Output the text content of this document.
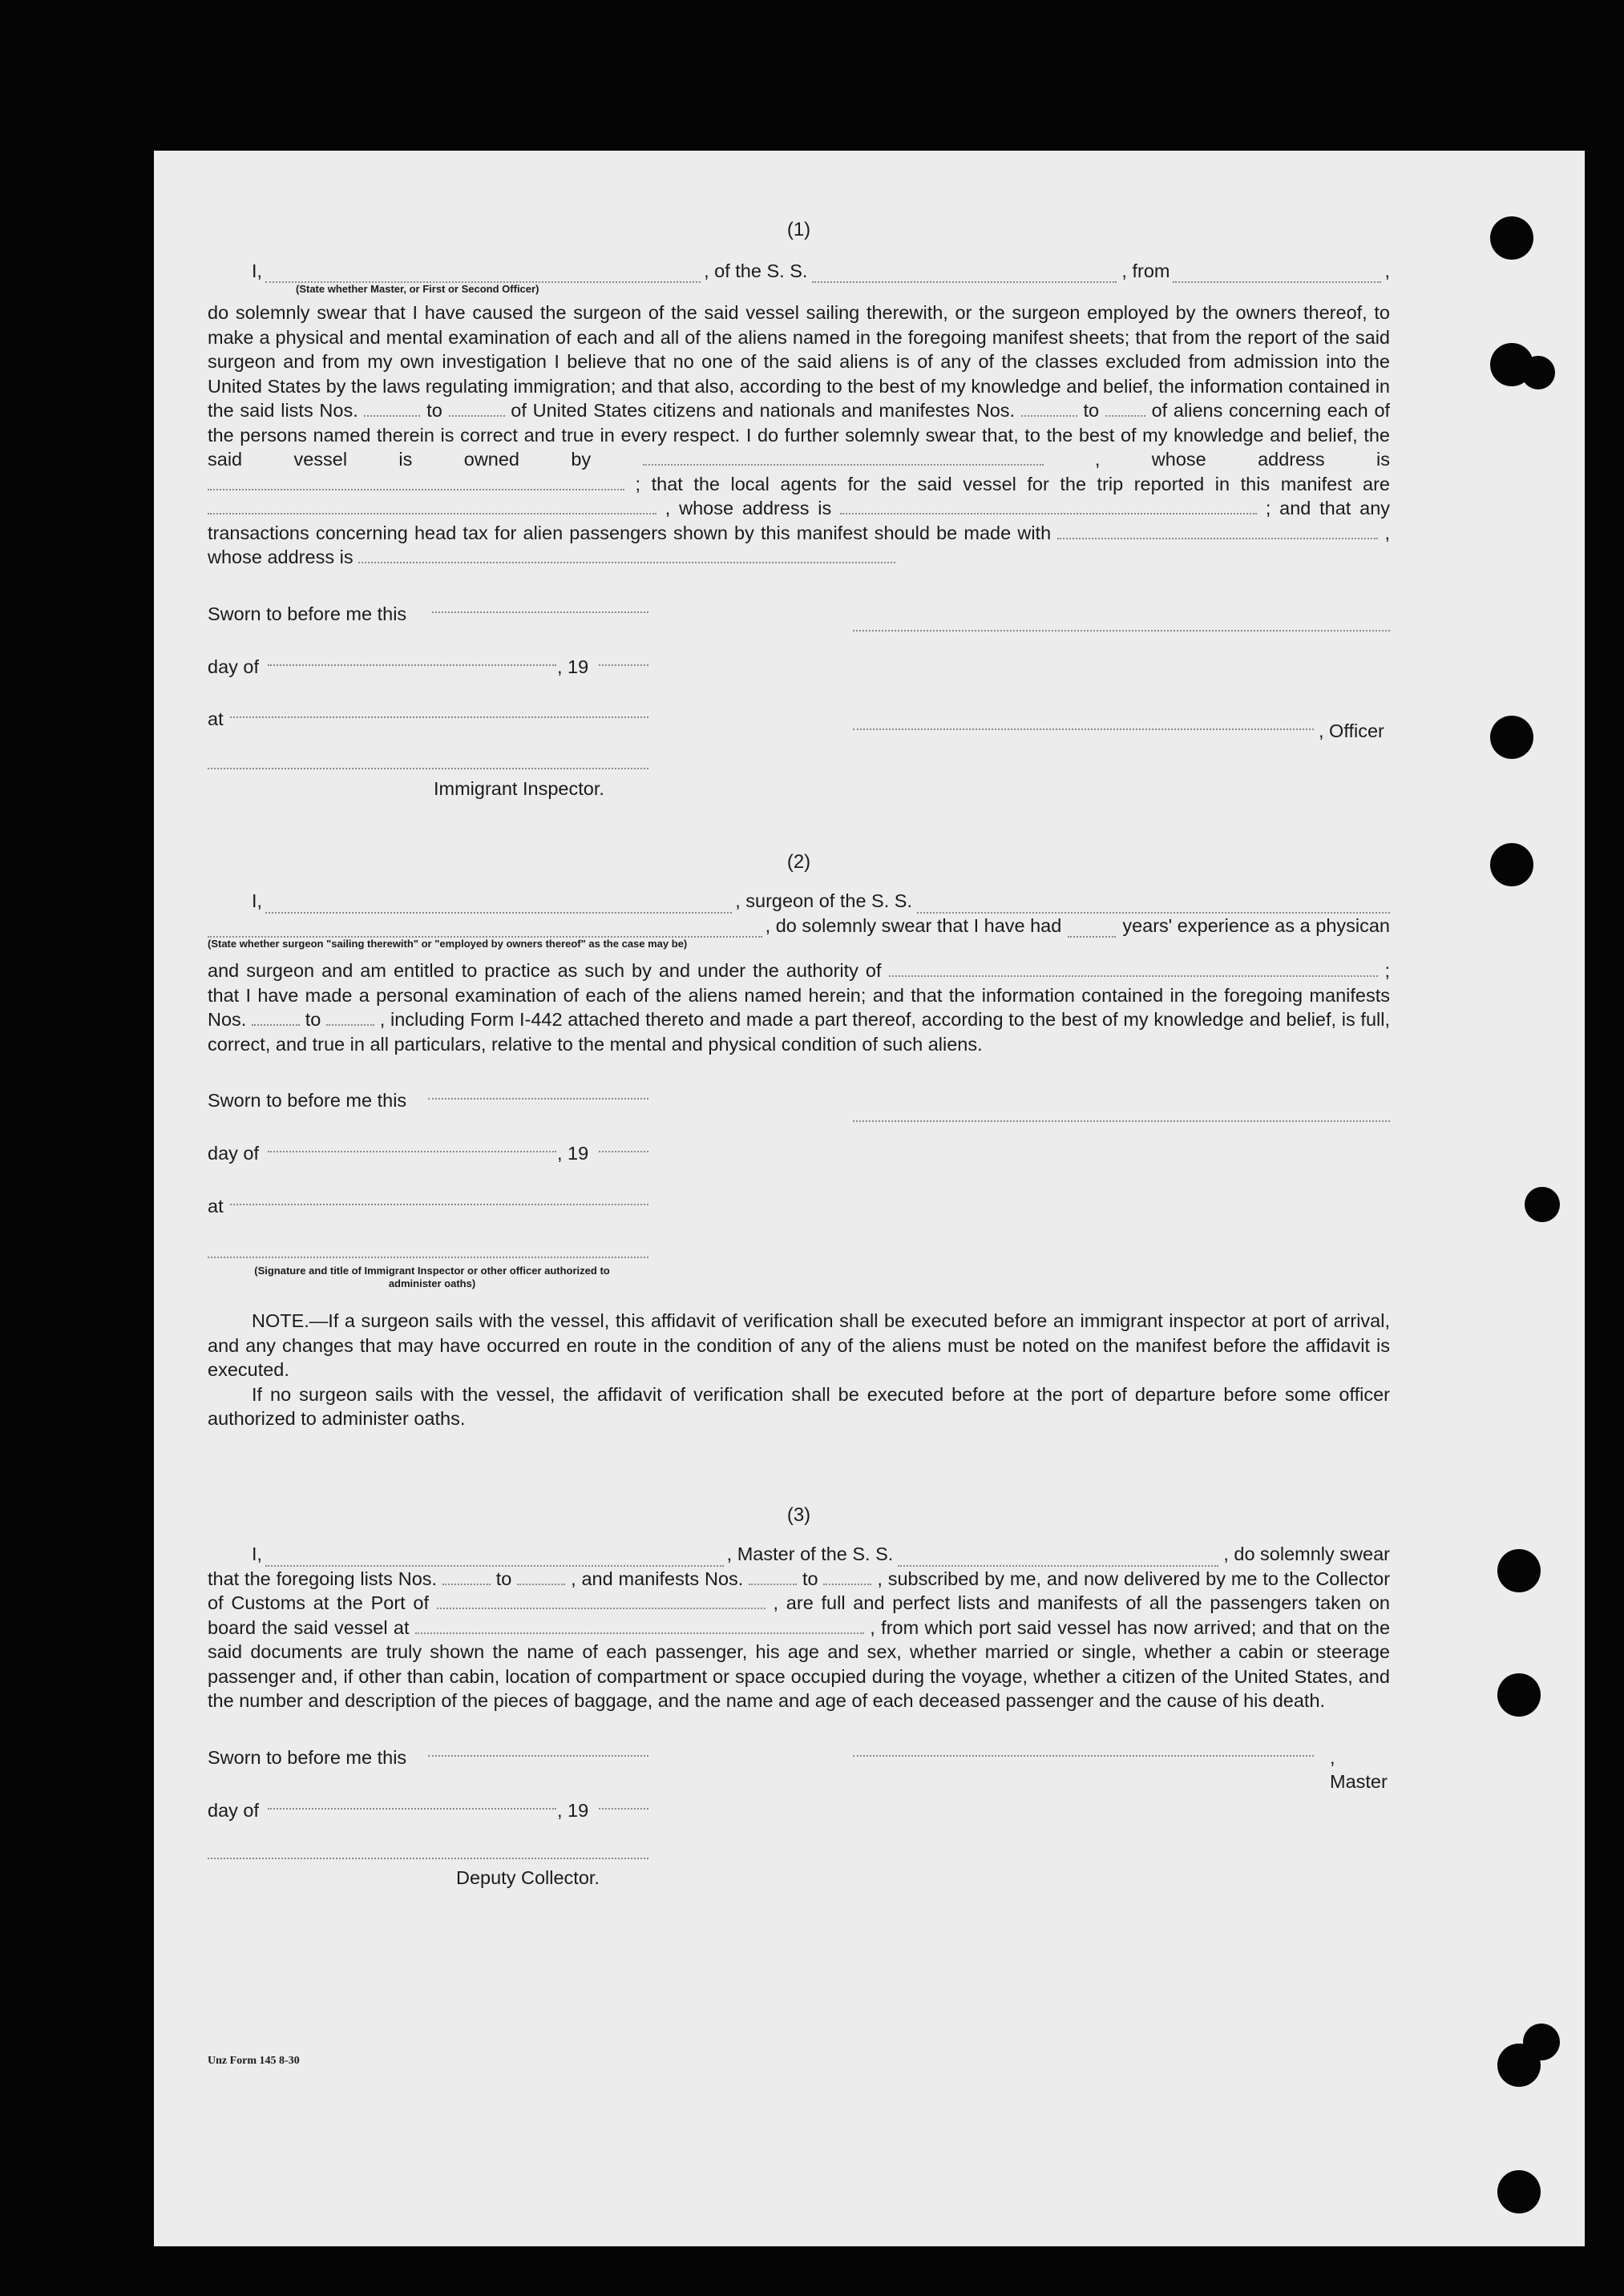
(1)

I,	, of the S. S.	, from	,

(State whether Master, or First or Second Officer)

do solemnly swear that I have caused the surgeon of the said vessel sailing therewith, or the surgeon employed by the owners thereof, to make a physical and mental examination of each and all of the aliens named in the foregoing manifest sheets; that from the report of the said surgeon and from my own investigation I believe that no one of the said aliens is of any of the classes excluded from admission into the United States by the laws regulating immigration; and that also, according to the best of my knowledge and belief, the information contained in the said lists Nos.	to	of United States citizens and nationals and manifestes Nos.	to	of aliens concerning each of the persons named therein is correct and true in every respect. I do further solemnly swear that, to the best of my knowledge and belief, the said vessel is owned by	, whose address is  ; that the local agents for the said vessel for the trip reported in this manifest are  , whose address is	; and that any transactions concerning head tax for alien passengers shown by this manifest should be made with	, whose address is

Sworn to before me this
day of	, 19
at
, Officer
Immigrant Inspector.

(2)

I,	, surgeon of the S. S.

, do solemnly swear that I have had	years' experience as a physican

(State whether surgeon "sailing therewith" or "employed by owners thereof" as the case may be)

and surgeon and am entitled to practice as such by and under the authority of	; that I have made a personal examination of each of the aliens named herein; and that the information contained in the foregoing manifests Nos.	to	, including Form I-442 attached thereto and made a part thereof, according to the best of my knowledge and belief, is full, correct, and true in all particulars, relative to the mental and physical condition of such aliens.

Sworn to before me this
day of	, 19
at
(Signature and title of Immigrant Inspector or other officer authorized to administer oaths)

NOTE.—If a surgeon sails with the vessel, this affidavit of verification shall be executed before an immigrant inspector at port of arrival, and any changes that may have occurred en route in the condition of any of the aliens must be noted on the manifest before the affidavit is executed.

If no surgeon sails with the vessel, the affidavit of verification shall be executed before at the port of departure before some officer authorized to administer oaths.

(3)

I,	, Master of the S. S.	, do solemnly swear

that the foregoing lists Nos.	to	, and manifests Nos.	to	, subscribed by me, and now delivered by me to the Collector of Customs at the Port of	, are full and perfect lists and manifests of all the passengers taken on board the said vessel at	, from which port said vessel has now arrived; and that on the said documents are truly shown the name of each passenger, his age and sex, whether married or single, whether a cabin or steerage passenger and, if other than cabin, location of compartment or space occupied during the voyage, whether a citizen of the United States, and the number and description of the pieces of baggage, and the name and age of each deceased passenger and the cause of his death.

Sworn to before me this	, Master
day of	, 19
Deputy Collector.
Unz Form 145 8-30
